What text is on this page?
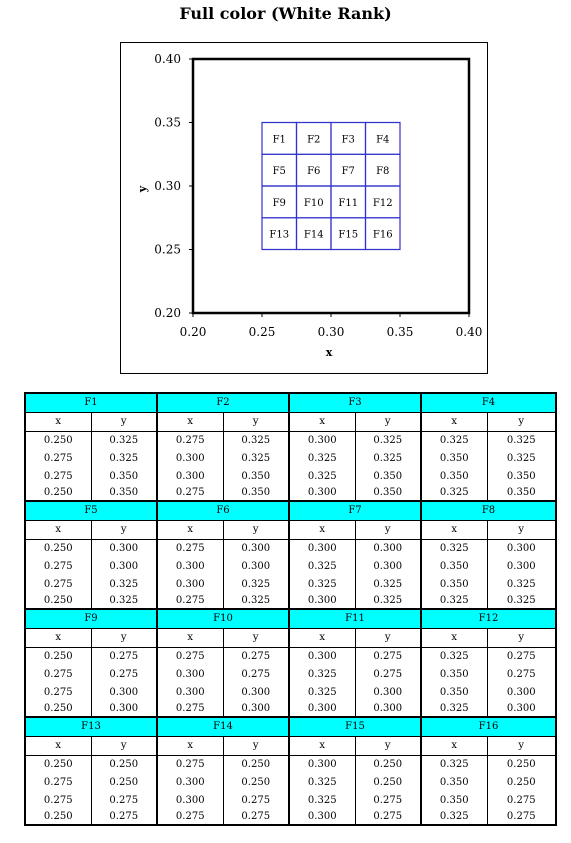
Full color (White Rank)
F1 F2 F3 F4
F5 F6 F7 F8
F9 F10 F11 F12
F13 F14 F15 F16
0.20	0.25	0.30	0.35	0.40
0.40
0.35
0.30
0.25
0.20
x
y
F1		F2		F3		F4	
x	y	x	y	x	y	x	y
0.250	0.325	0.275	0.325	0.300	0.325	0.325	0.325
0.275	0.325	0.300	0.325	0.325	0.325	0.350	0.325
0.275	0.350	0.300	0.350	0.325	0.350	0.350	0.350
0.250	0.350	0.275	0.350	0.300	0.350	0.325	0.350
F5		F6		F7		F8	
x	y	x	y	x	y	x	y
0.250	0.300	0.275	0.300	0.300	0.300	0.325	0.300
0.275	0.300	0.300	0.300	0.325	0.300	0.350	0.300
0.275	0.325	0.300	0.325	0.325	0.325	0.350	0.325
0.250	0.325	0.275	0.325	0.300	0.325	0.325	0.325
F9		F10		F11		F12	
x	y	x	y	x	y	x	y
0.250	0.275	0.275	0.275	0.300	0.275	0.325	0.275
0.275	0.275	0.300	0.275	0.325	0.275	0.350	0.275
0.275	0.300	0.300	0.300	0.325	0.300	0.350	0.300
0.250	0.300	0.275	0.300	0.300	0.300	0.325	0.300
F13		F14		F15		F16	
x	y	x	y	x	y	x	y
0.250	0.250	0.275	0.250	0.300	0.250	0.325	0.250
0.275	0.250	0.300	0.250	0.325	0.250	0.350	0.250
0.275	0.275	0.300	0.275	0.325	0.275	0.350	0.275
0.250	0.275	0.275	0.275	0.300	0.275	0.325	0.275
